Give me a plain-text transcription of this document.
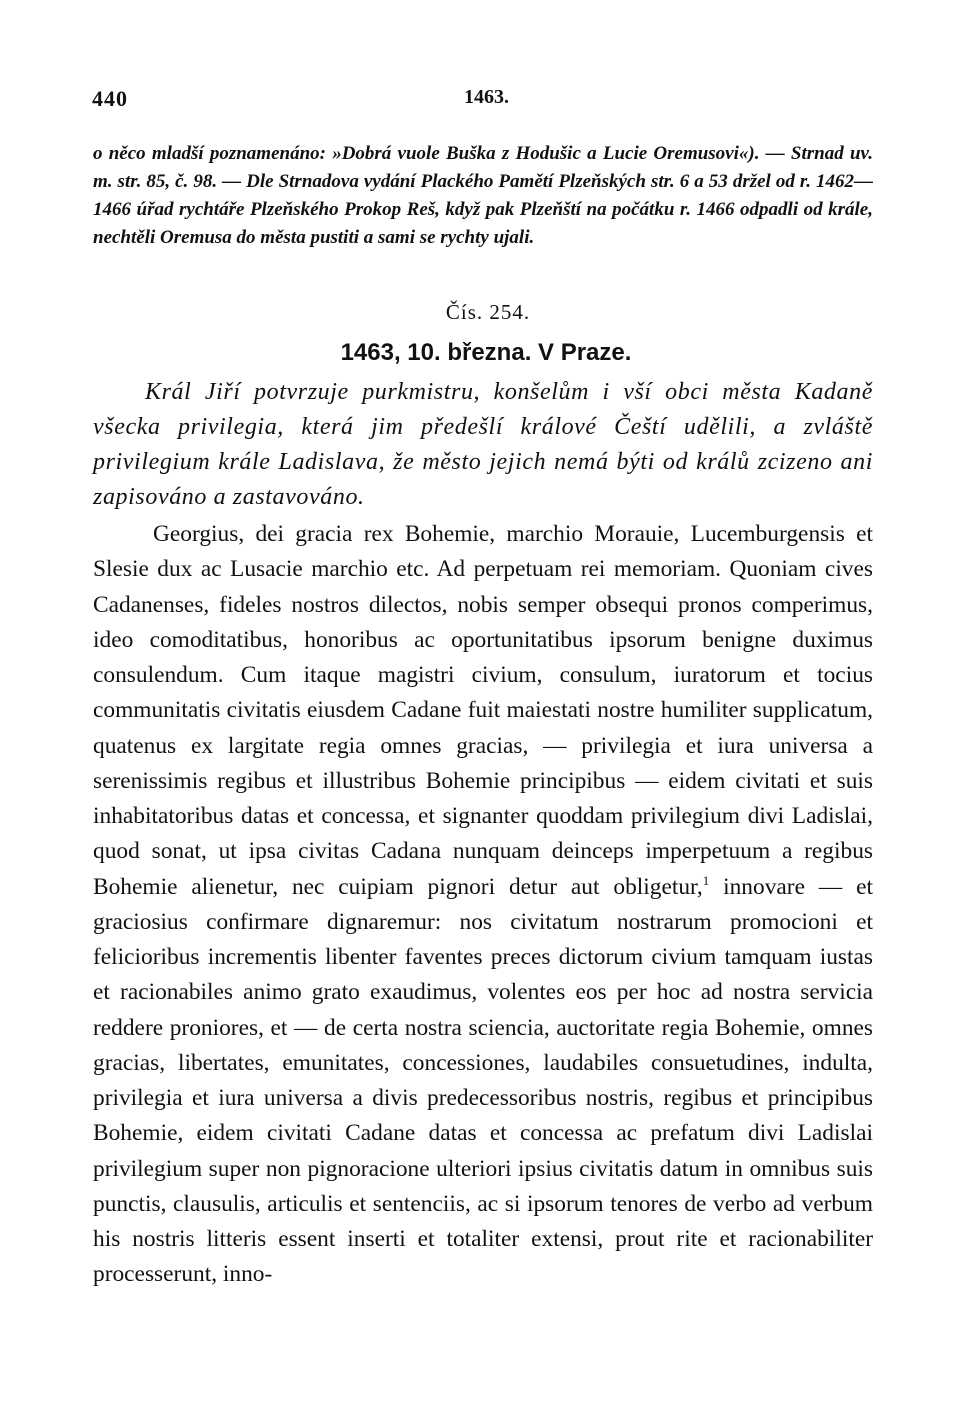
440	1463.

o něco mladší poznamenáno: »Dobrá vuole Buška z Hodušic a Lucie Oremusovi«). — Strnad uv. m. str. 85, č. 98. — Dle Strnadova vydání Plackého Pamětí Plzeňských str. 6 a 53 držel od r. 1462—1466 úřad rychtáře Plzeňského Prokop Reš, když pak Plzeňští na počátku r. 1466 odpadli od krále, nechtěli Oremusa do města pustiti a sami se rychty ujali.

Čís. 254.
1463, 10. března. V Praze.

Král Jiří potvrzuje purkmistru, konšelům i vší obci města Kadaně všecka privilegia, která jim předešlí králové Čeští udělili, a zvláště privilegium krále Ladislava, že město jejich nemá býti od králů zcizeno ani zapisováno a zastavováno.

Georgius, dei gracia rex Bohemie, marchio Morauie, Lucemburgensis et Slesie dux ac Lusacie marchio etc. Ad perpetuam rei memoriam. Quoniam cives Cadanenses, fideles nostros dilectos, nobis semper obsequi pronos comperimus, ideo comoditatibus, honoribus ac oportunitatibus ipsorum benigne duximus consulendum. Cum itaque magistri civium, consulum, iuratorum et tocius communitatis civitatis eiusdem Cadane fuit maiestati nostre humiliter supplicatum, quatenus ex largitate regia omnes gracias, — privilegia et iura universa a serenissimis regibus et illustribus Bohemie principibus — eidem civitati et suis inhabitatoribus datas et concessa, et signanter quoddam privilegium divi Ladislai, quod sonat, ut ipsa civitas Cadana nunquam deinceps imperpetuum a regibus Bohemie alienetur, nec cuipiam pignori detur aut obligetur,$^1$ innovare — et graciosius confirmare dignaremur: nos civitatum nostrarum promocioni et felicioribus incrementis libenter faventes preces dictorum civium tamquam iustas et racionabiles animo grato exaudimus, volentes eos per hoc ad nostra servicia reddere proniores, et — de certa nostra sciencia, auctoritate regia Bohemie, omnes gracias, libertates, emunitates, concessiones, laudabiles consuetudines, indulta, privilegia et iura universa a divis predecessoribus nostris, regibus et principibus Bohemie, eidem civitati Cadane datas et concessa ac prefatum divi Ladislai privilegium super non pignoracione ulteriori ipsius civitatis datum in omnibus suis punctis, clausulis, articulis et sentenciis, ac si ipsorum tenores de verbo ad verbum his nostris litteris essent inserti et totaliter extensi, prout rite et racionabiliter processerunt, inno-
